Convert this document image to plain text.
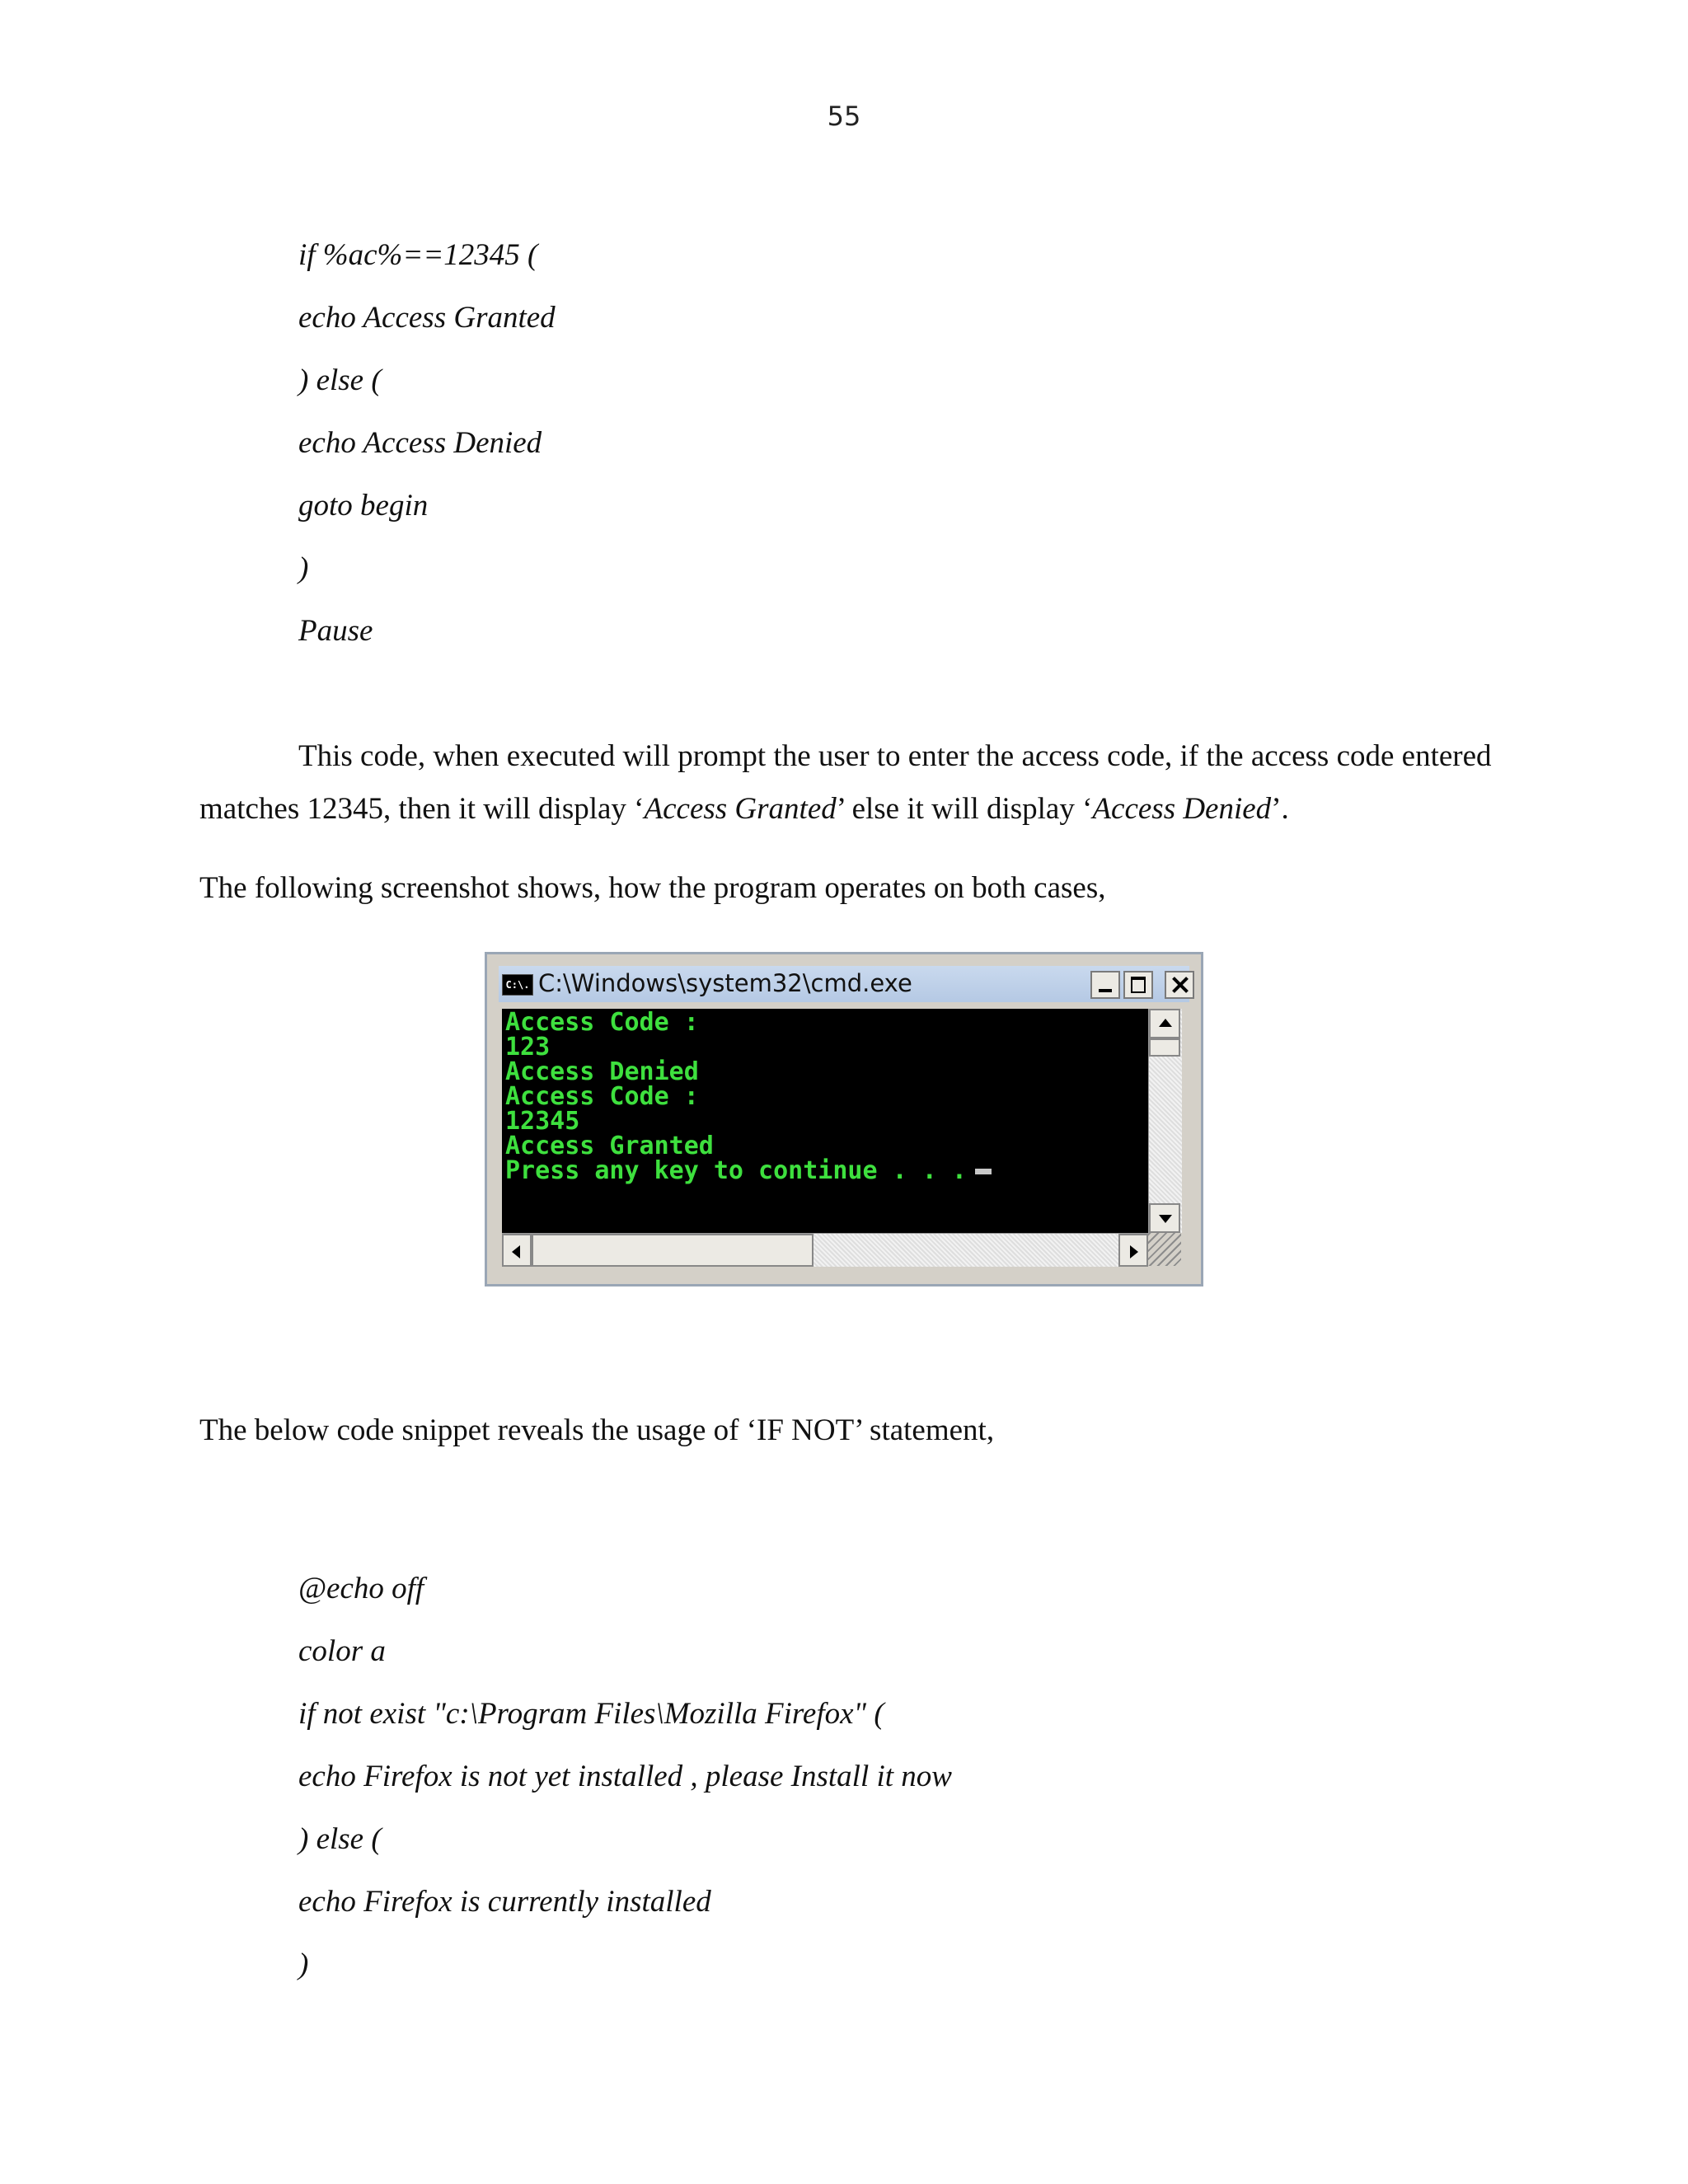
55
if %ac%==12345 (
echo Access Granted
) else (
echo Access Denied
goto begin
)
Pause
This code, when executed will prompt the user to enter the access code, if the access code entered
matches 12345, then it will display ‘Access Granted’ else it will display ‘Access Denied’.
The following screenshot shows, how the program operates on both cases,
C:\. C:\Windows\system32\cmd.exe
Access Code :
123
Access Denied
Access Code :
12345
Access Granted
Press any key to continue . . .
The below code snippet reveals the usage of ‘IF NOT’ statement,
@echo off
color a
if not exist "c:\Program Files\Mozilla Firefox" (
echo Firefox is not yet installed , please Install it now
) else (
echo Firefox is currently installed
)
